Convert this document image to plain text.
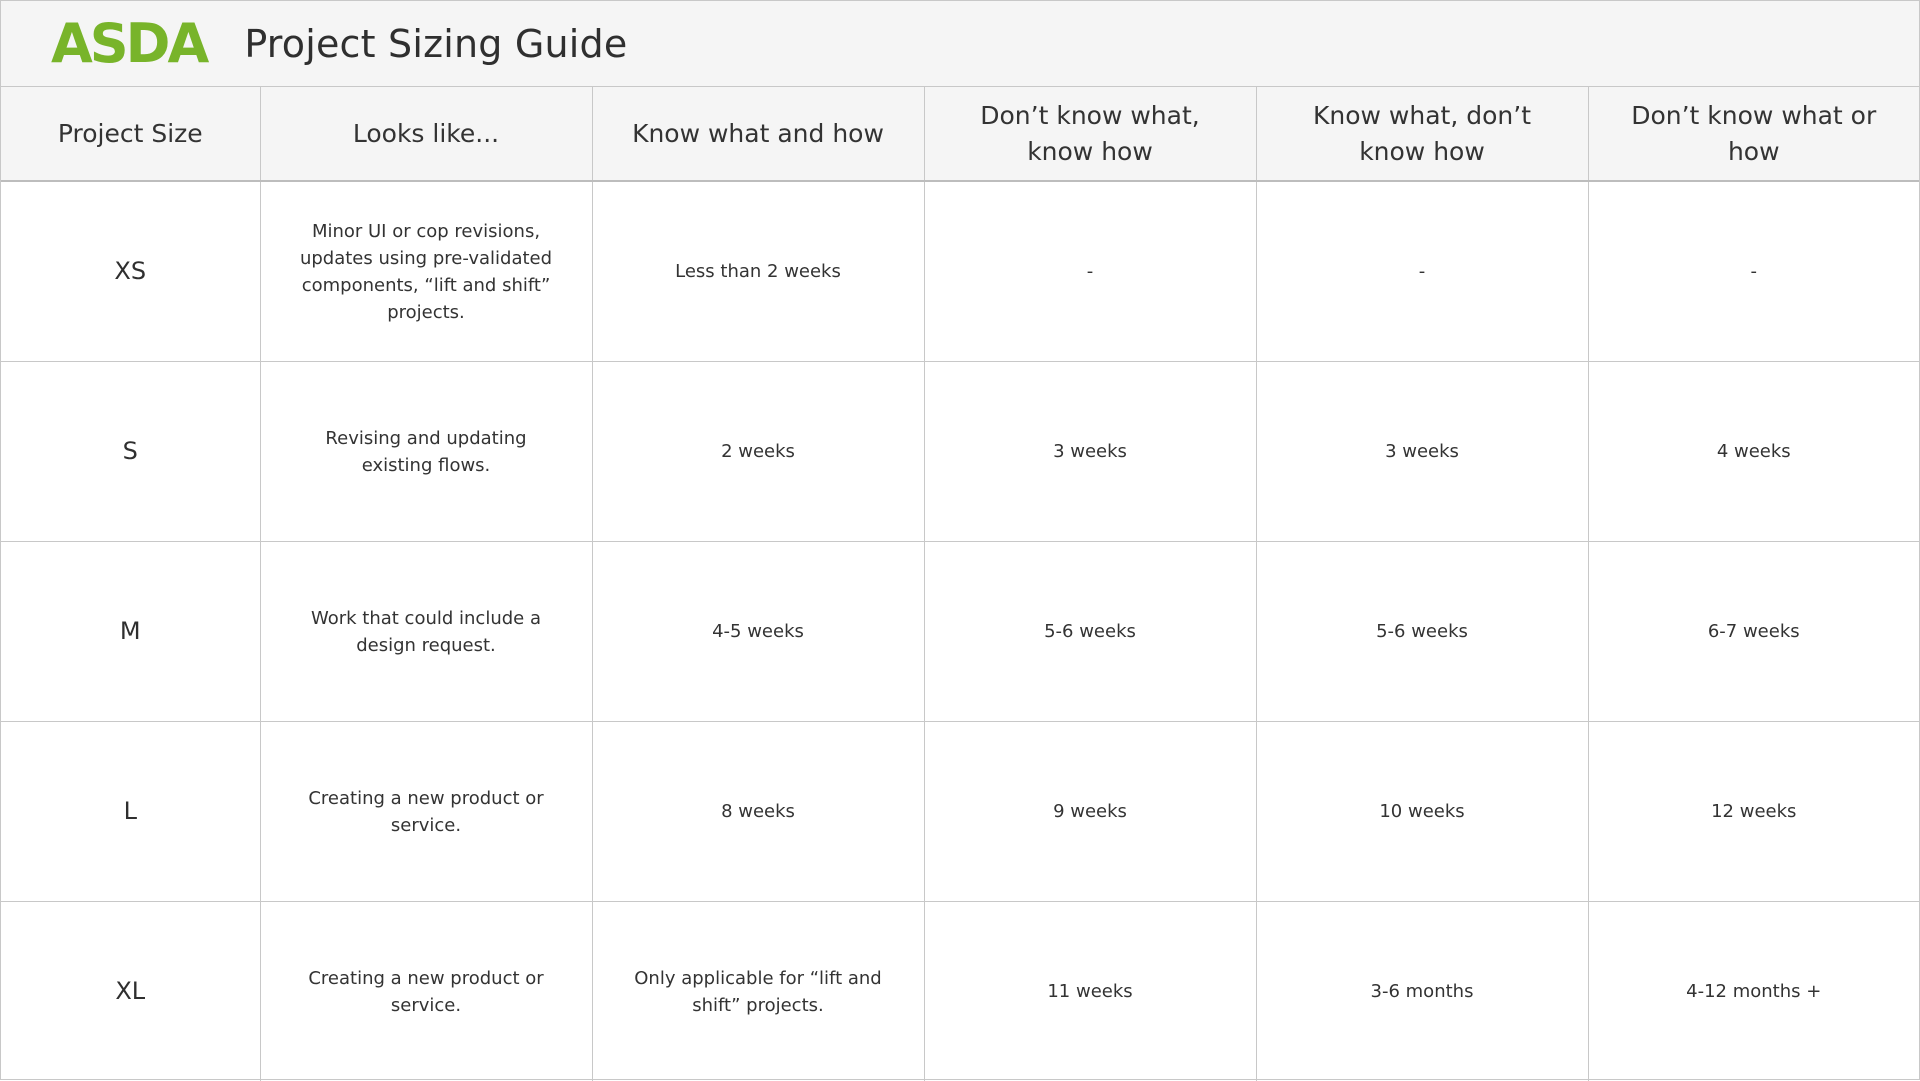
ASDA Project Sizing Guide
Project Size	Looks like...	Know what and how	Don’t know what, know how	Know what, don’t know how	Don’t know what or how
XS	Minor UI or cop revisions, updates using pre-validated components, “lift and shift” projects.	Less than 2 weeks	-	-	-
S	Revising and updating existing flows.	2 weeks	3 weeks	3 weeks	4 weeks
M	Work that could include a design request.	4-5 weeks	5-6 weeks	5-6 weeks	6-7 weeks
L	Creating a new product or service.	8 weeks	9 weeks	10 weeks	12 weeks
XL	Creating a new product or service.	Only applicable for “lift and shift” projects.	11 weeks	3-6 months	4-12 months +
